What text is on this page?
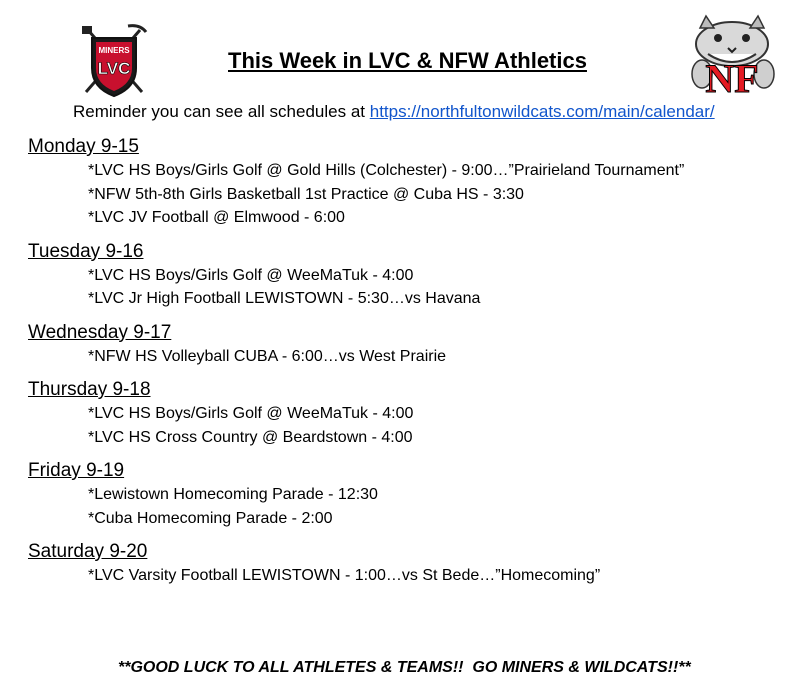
MINERS
LVC	NF
This Week in LVC & NFW Athletics
Reminder you can see all schedules at https://northfultonwildcats.com/main/calendar/
Monday 9-15
*LVC HS Boys/Girls Golf @ Gold Hills (Colchester) - 9:00…”Prairieland Tournament”
*NFW 5th-8th Girls Basketball 1st Practice @ Cuba HS - 3:30
*LVC JV Football @ Elmwood - 6:00
Tuesday 9-16
*LVC HS Boys/Girls Golf @ WeeMaTuk - 4:00
*LVC Jr High Football LEWISTOWN - 5:30…vs Havana
Wednesday 9-17
*NFW HS Volleyball CUBA - 6:00…vs West Prairie
Thursday 9-18
*LVC HS Boys/Girls Golf @ WeeMaTuk - 4:00
*LVC HS Cross Country @ Beardstown - 4:00
Friday 9-19
*Lewistown Homecoming Parade - 12:30
*Cuba Homecoming Parade - 2:00
Saturday 9-20
*LVC Varsity Football LEWISTOWN - 1:00…vs St Bede…”Homecoming”
**GOOD LUCK TO ALL ATHLETES & TEAMS!!  GO MINERS & WILDCATS!!**
